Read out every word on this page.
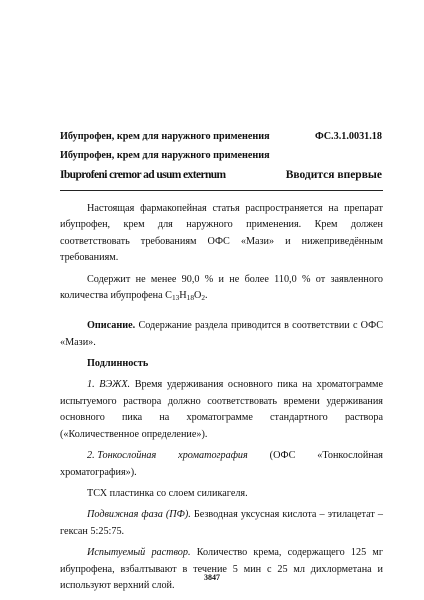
Ибупрофен, крем для наружного применения	ФС.3.1.0031.18
Ибупрофен, крем для наружного применения
Ibuprofeni cremor ad usum externum	Вводится впервые

Настоящая фармакопейная статья распространяется на препарат ибупрофен, крем для наружного применения. Крем должен соответствовать требованиям ОФС «Мази» и нижеприведённым требованиям.

Содержит не менее 90,0 % и не более 110,0 % от заявленного количества ибупрофена $C_{13}H_{18}O_2$.

Описание. Содержание раздела приводится в соответствии с ОФС «Мази».

Подлинность

1. ВЭЖХ. Время удерживания основного пика на хроматограмме испытуемого раствора должно соответствовать времени удерживания основного пика на хроматограмме стандартного раствора («Количественное определение»).

2. Тонкослойная хроматография (ОФС «Тонкослойная

хроматография»).

ТСХ пластинка со слоем силикагеля.

Подвижная фаза (ПФ). Безводная уксусная кислота – этилацетат – гексан 5:25:75.

Испытуемый раствор. Количество крема, содержащего 125 мг ибупрофена, взбалтывают в течение 5 мин с 25 мл дихлорметана и используют верхний слой.

3847
